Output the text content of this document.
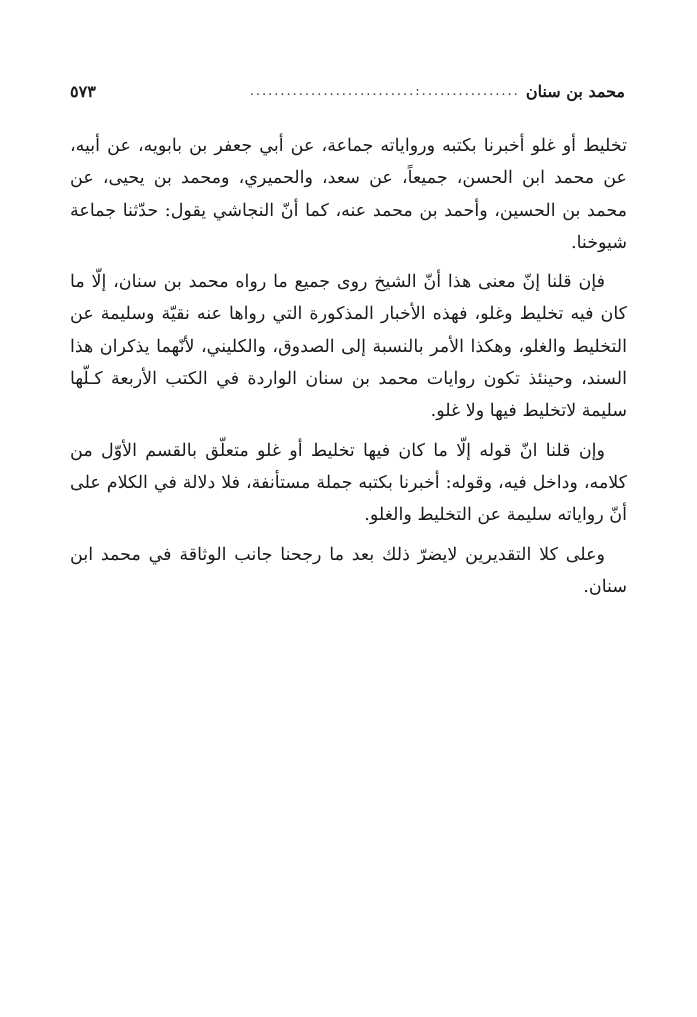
محمد بن سنان
...........................:................
٥٧٣

تخليط أو غلو أخبرنا بكتبه ورواياته جماعة، عن أبي جعفر بن بابويه، عن أبيه، عن محمد ابن الحسن، جميعاً، عن سعد، والحميري، ومحمد بن يحيى، عن محمد بن الحسين، وأحمد بن محمد عنه، كما أنّ النجاشي يقول: حدّثنا جماعة شيوخنا.

فإن قلنا إنّ معنى هذا أنّ الشيخ روى جميع ما رواه محمد بن سنان، إلّا ما كان فيه تخليط وغلو، فهذه الأخبار المذكورة التي رواها عنه نقيّة وسليمة عن التخليط والغلو، وهكذا الأمر بالنسبة إلى الصدوق، والكليني، لأنّهما يذكران هذا السند، وحينئذ تكون روايات محمد بن سنان الواردة في الكتب الأربعة كـلّها سليمة لاتخليط فيها ولا غلو.

وإن قلنا انّ قوله إلّا ما كان فيها تخليط أو غلو متعلّق بالقسم الأوّل من كلامه، وداخل فيه، وقوله: أخبرنا بكتبه جملة مستأنفة، فلا دلالة في الكلام على أنّ رواياته سليمة عن التخليط والغلو.

وعلى كلا التقديرين لايضرّ ذلك بعد ما رجحنا جانب الوثاقة في محمد ابن سنان.
